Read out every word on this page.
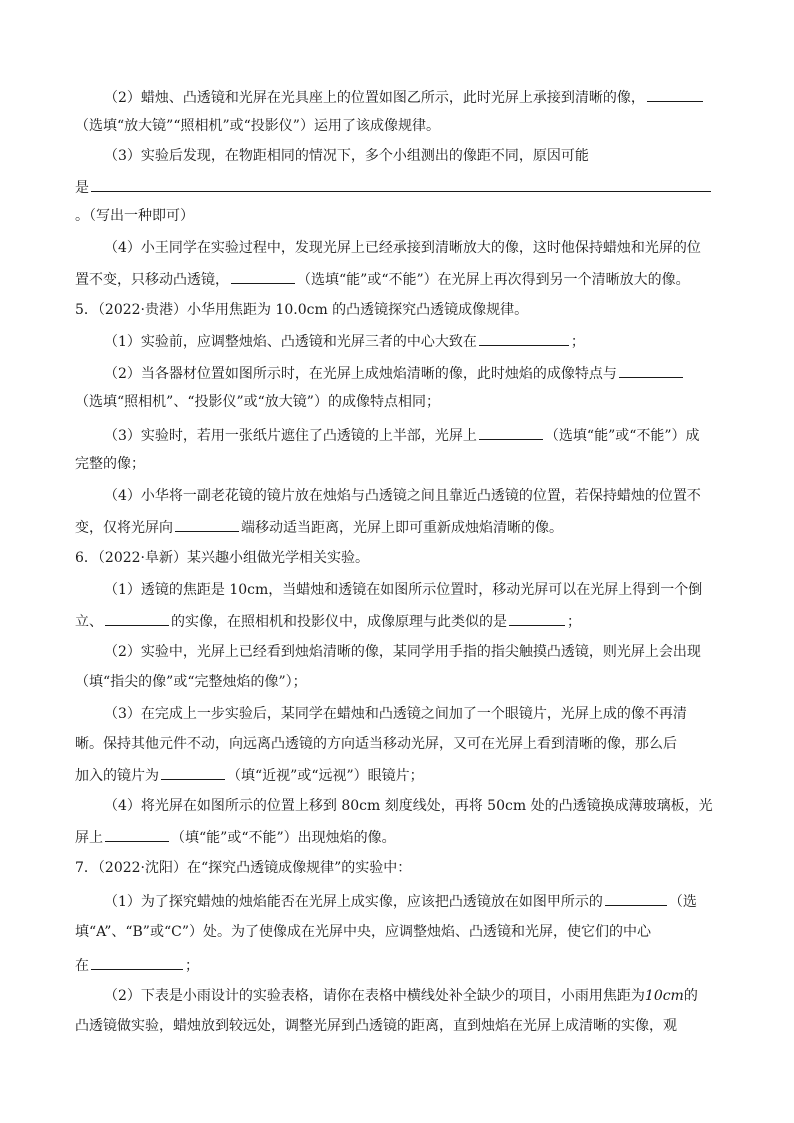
（2）蜡烛、凸透镜和光屏在光具座上的位置如图乙所示，此时光屏上承接到清晰的像，
（选填“放大镜”“照相机”或“投影仪”）运用了该成像规律。
（3）实验后发现，在物距相同的情况下，多个小组测出的像距不同，原因可能
是
。（写出一种即可）
（4）小王同学在实验过程中，发现光屏上已经承接到清晰放大的像，这时他保持蜡烛和光屏的位
置不变，只移动凸透镜，	（选填“能”或“不能”）在光屏上再次得到另一个清晰放大的像。
5．（2022·贵港）小华用焦距为 10.0cm 的凸透镜探究凸透镜成像规律。
（1）实验前，应调整烛焰、凸透镜和光屏三者的中心大致在	；
（2）当各器材位置如图所示时，在光屏上成烛焰清晰的像，此时烛焰的成像特点与
（选填“照相机”、“投影仪”或“放大镜”）的成像特点相同；
（3）实验时，若用一张纸片遮住了凸透镜的上半部，光屏上	（选填“能”或“不能”）成
完整的像；
（4）小华将一副老花镜的镜片放在烛焰与凸透镜之间且靠近凸透镜的位置，若保持蜡烛的位置不
变，仅将光屏向	端移动适当距离，光屏上即可重新成烛焰清晰的像。
6．（2022·阜新）某兴趣小组做光学相关实验。
（1）透镜的焦距是 10cm，当蜡烛和透镜在如图所示位置时，移动光屏可以在光屏上得到一个倒
立、	的实像，在照相机和投影仪中，成像原理与此类似的是	；
（2）实验中，光屏上已经看到烛焰清晰的像，某同学用手指的指尖触摸凸透镜，则光屏上会出现
（填“指尖的像”或“完整烛焰的像”）；
（3）在完成上一步实验后，某同学在蜡烛和凸透镜之间加了一个眼镜片，光屏上成的像不再清
晰。保持其他元件不动，向远离凸透镜的方向适当移动光屏，又可在光屏上看到清晰的像，那么后
加入的镜片为	（填“近视”或“远视”）眼镜片；
（4）将光屏在如图所示的位置上移到 80cm 刻度线处，再将 50cm 处的凸透镜换成薄玻璃板，光
屏上	（填“能”或“不能”）出现烛焰的像。
7．（2022·沈阳）在“探究凸透镜成像规律”的实验中：
（1）为了探究蜡烛的烛焰能否在光屏上成实像，应该把凸透镜放在如图甲所示的	（选
填“A”、“B”或“C”）处。为了使像成在光屏中央，应调整烛焰、凸透镜和光屏，使它们的中心
在	；
（2）下表是小雨设计的实验表格，请你在表格中横线处补全缺少的项目，小雨用焦距为10cm的
凸透镜做实验，蜡烛放到较远处，调整光屏到凸透镜的距离，直到烛焰在光屏上成清晰的实像，观
